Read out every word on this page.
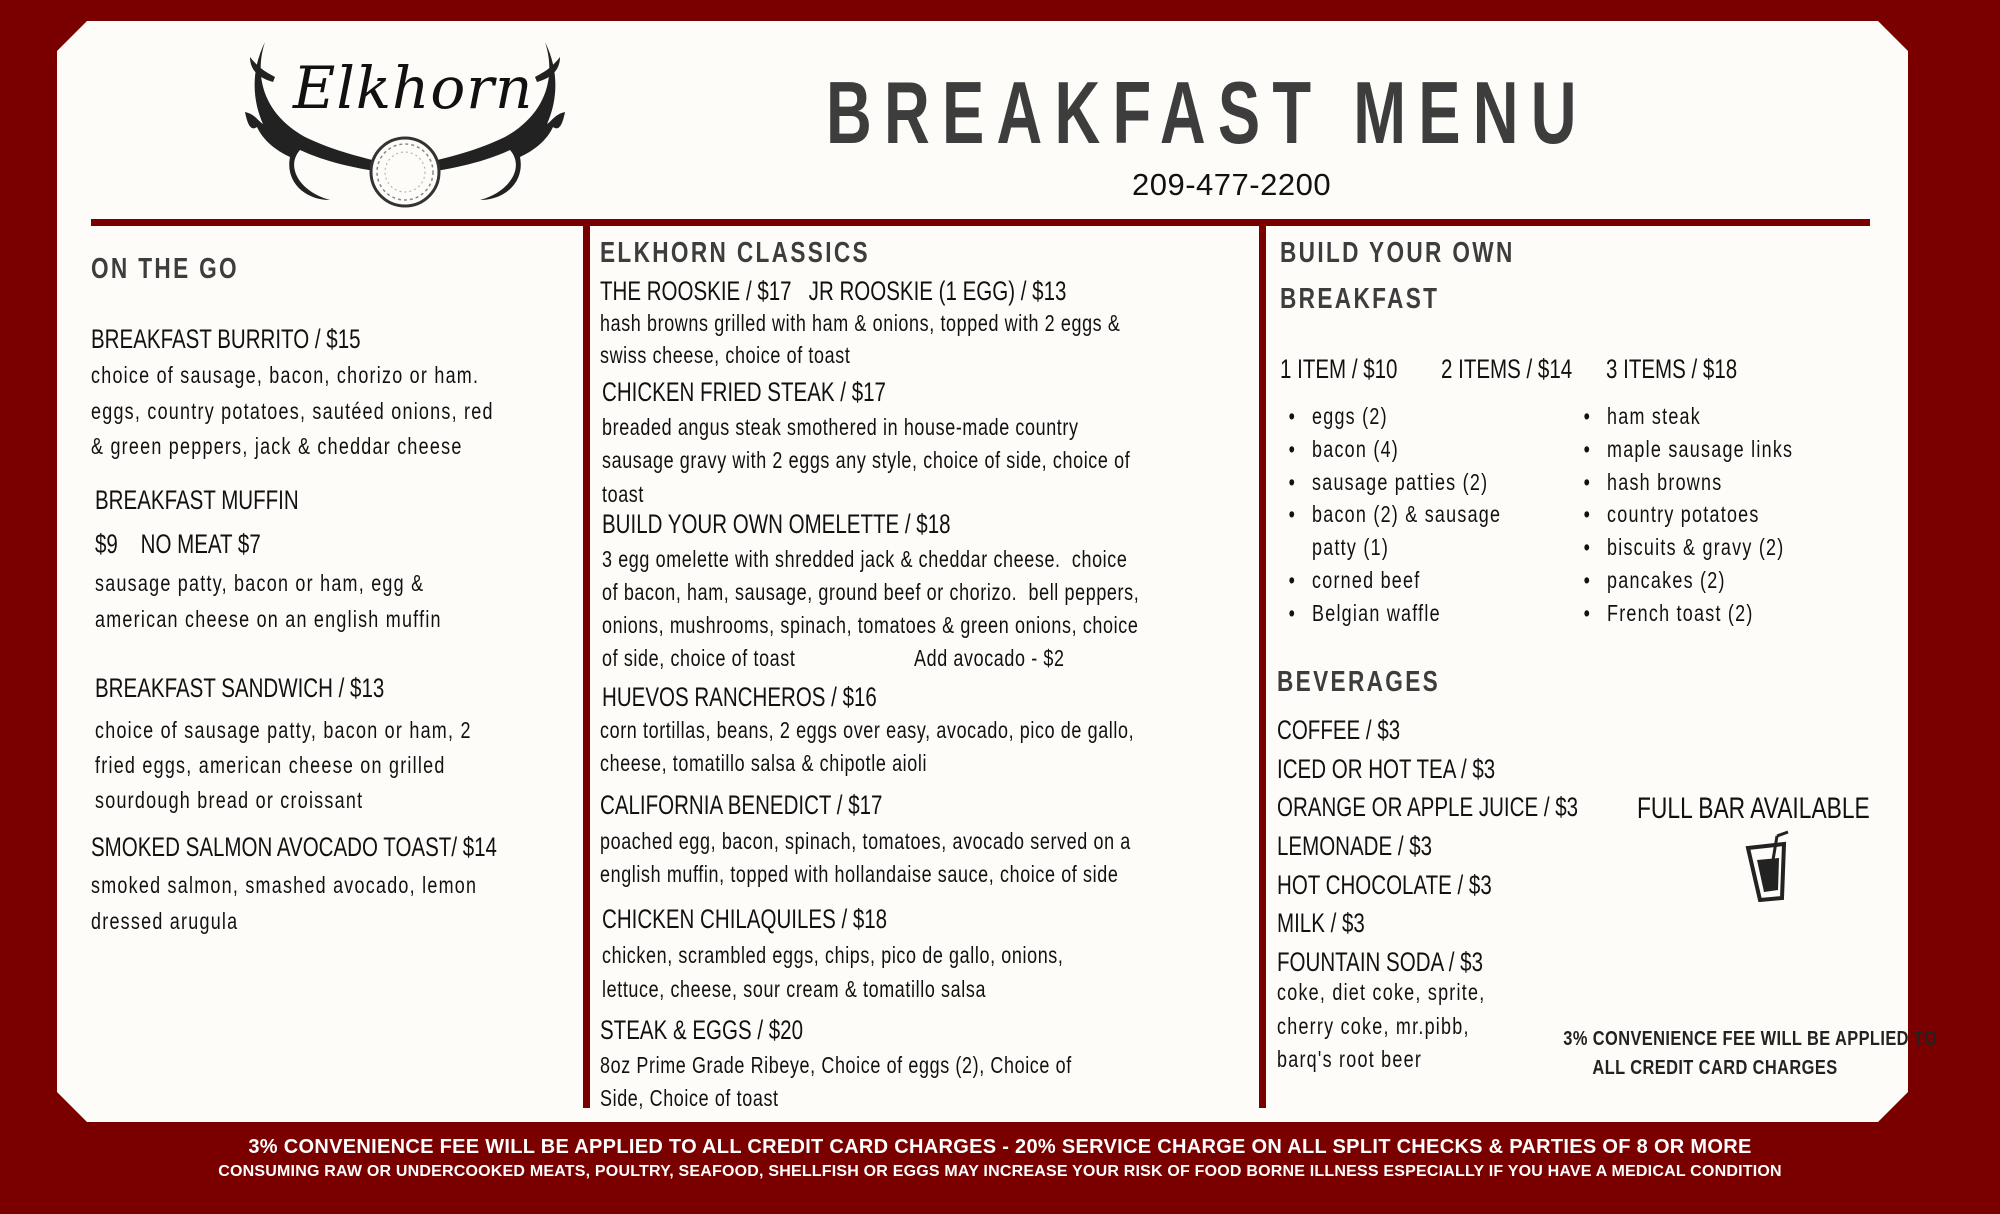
Elkhorn	BREAKFAST MENU
209-477-2200
ON THE GO
BREAKFAST BURRITO / $15
choice of sausage, bacon, chorizo or ham.
eggs, country potatoes, sautéed onions, red
& green peppers, jack & cheddar cheese
BREAKFAST MUFFIN
$9    NO MEAT $7
sausage patty, bacon or ham, egg &
american cheese on an english muffin
BREAKFAST SANDWICH / $13
choice of sausage patty, bacon or ham, 2
fried eggs, american cheese on grilled
sourdough bread or croissant
SMOKED SALMON AVOCADO TOAST/ $14
smoked salmon, smashed avocado, lemon
dressed arugula
ELKHORN CLASSICS
THE ROOSKIE / $17   JR ROOSKIE (1 EGG) / $13
hash browns grilled with ham & onions, topped with 2 eggs &
swiss cheese, choice of toast
CHICKEN FRIED STEAK / $17
breaded angus steak smothered in house-made country
sausage gravy with 2 eggs any style, choice of side, choice of
toast
BUILD YOUR OWN OMELETTE / $18
3 egg omelette with shredded jack & cheddar cheese.  choice
of bacon, ham, sausage, ground beef or chorizo.  bell peppers,
onions, mushrooms, spinach, tomatoes & green onions, choice
of side, choice of toast	Add avocado - $2
HUEVOS RANCHEROS / $16
corn tortillas, beans, 2 eggs over easy, avocado, pico de gallo,
cheese, tomatillo salsa & chipotle aioli
CALIFORNIA BENEDICT / $17
poached egg, bacon, spinach, tomatoes, avocado served on a
english muffin, topped with hollandaise sauce, choice of side
CHICKEN CHILAQUILES / $18
chicken, scrambled eggs, chips, pico de gallo, onions,
lettuce, cheese, sour cream & tomatillo salsa
STEAK & EGGS / $20
8oz Prime Grade Ribeye, Choice of eggs (2), Choice of
Side, Choice of toast
BUILD YOUR OWN
BREAKFAST
1 ITEM / $10 2 ITEMS / $14 3 ITEMS / $18
• eggs (2)
• bacon (4)
• sausage patties (2)
• bacon (2) & sausage
patty (1)
• corned beef
• Belgian waffle
• ham steak
• maple sausage links
• hash browns
• country potatoes
• biscuits & gravy (2)
• pancakes (2)
• French toast (2)
BEVERAGES
COFFEE / $3
ICED OR HOT TEA / $3
ORANGE OR APPLE JUICE / $3
LEMONADE / $3
HOT CHOCOLATE / $3
MILK / $3
FOUNTAIN SODA / $3
coke, diet coke, sprite,
cherry coke, mr.pibb,
barq's root beer
FULL BAR AVAILABLE
3% CONVENIENCE FEE WILL BE APPLIED TO
ALL CREDIT CARD CHARGES
3% CONVENIENCE FEE WILL BE APPLIED TO ALL CREDIT CARD CHARGES - 20% SERVICE CHARGE ON ALL SPLIT CHECKS & PARTIES OF 8 OR MORE
CONSUMING RAW OR UNDERCOOKED MEATS, POULTRY, SEAFOOD, SHELLFISH OR EGGS MAY INCREASE YOUR RISK OF FOOD BORNE ILLNESS ESPECIALLY IF YOU HAVE A MEDICAL CONDITION
